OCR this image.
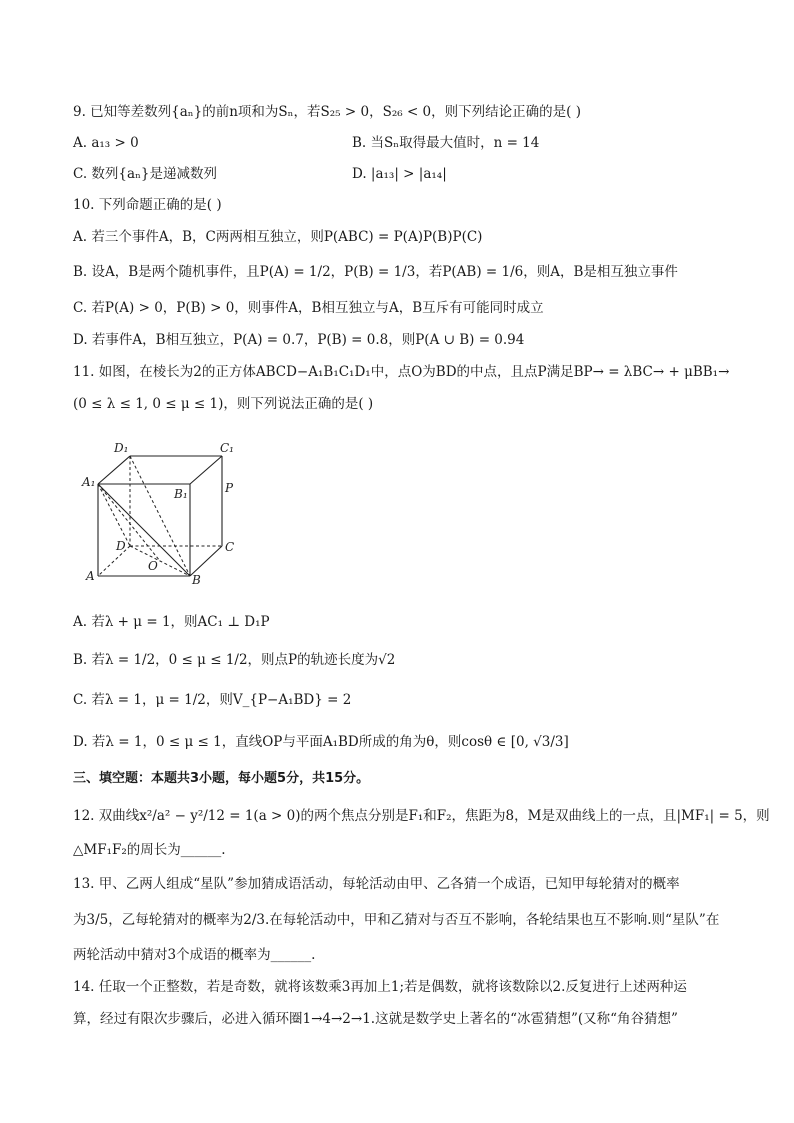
9. 已知等差数列{aₙ}的前n项和为Sₙ，若S₂₅ > 0，S₂₆ < 0，则下列结论正确的是( )
A. a₁₃ > 0	B. 当Sₙ取得最大值时，n = 14
C. 数列{aₙ}是递减数列	D. |a₁₃| > |a₁₄|
10. 下列命题正确的是( )
A. 若三个事件A，B，C两两相互独立，则P(ABC) = P(A)P(B)P(C)
B. 设A，B是两个随机事件，且P(A) = 1/2，P(B) = 1/3，若P(AB) = 1/6，则A，B是相互独立事件
C. 若P(A) > 0，P(B) > 0，则事件A，B相互独立与A，B互斥有可能同时成立
D. 若事件A，B相互独立，P(A) = 0.7，P(B) = 0.8，则P(A ∪ B) = 0.94
11. 如图，在棱长为2的正方体ABCD−A₁B₁C₁D₁中，点O为BD的中点，且点P满足BP→ = λBC→ + μBB₁→
(0 ≤ λ ≤ 1, 0 ≤ μ ≤ 1)，则下列说法正确的是( )
D₁	C₁
A₁
B₁	P
D	C
O
A	B
A. 若λ + μ = 1，则AC₁ ⊥ D₁P
B. 若λ = 1/2，0 ≤ μ ≤ 1/2，则点P的轨迹长度为√2
C. 若λ = 1，μ = 1/2，则V_{P−A₁BD} = 2
D. 若λ = 1，0 ≤ μ ≤ 1，直线OP与平面A₁BD所成的角为θ，则cosθ ∈ [0, √3/3]
三、填空题：本题共3小题，每小题5分，共15分。
12. 双曲线x²/a² − y²/12 = 1(a > 0)的两个焦点分别是F₁和F₂，焦距为8，M是双曲线上的一点，且|MF₁| = 5，则
△MF₁F₂的周长为______.
13. 甲、乙两人组成“星队”参加猜成语活动，每轮活动由甲、乙各猜一个成语，已知甲每轮猜对的概率
为3/5，乙每轮猜对的概率为2/3.在每轮活动中，甲和乙猜对与否互不影响，各轮结果也互不影响.则“星队”在
两轮活动中猜对3个成语的概率为______.
14. 任取一个正整数，若是奇数，就将该数乘3再加上1;若是偶数，就将该数除以2.反复进行上述两种运
算，经过有限次步骤后，必进入循环圈1→4→2→1.这就是数学史上著名的“冰雹猜想”(又称“角谷猜想”
